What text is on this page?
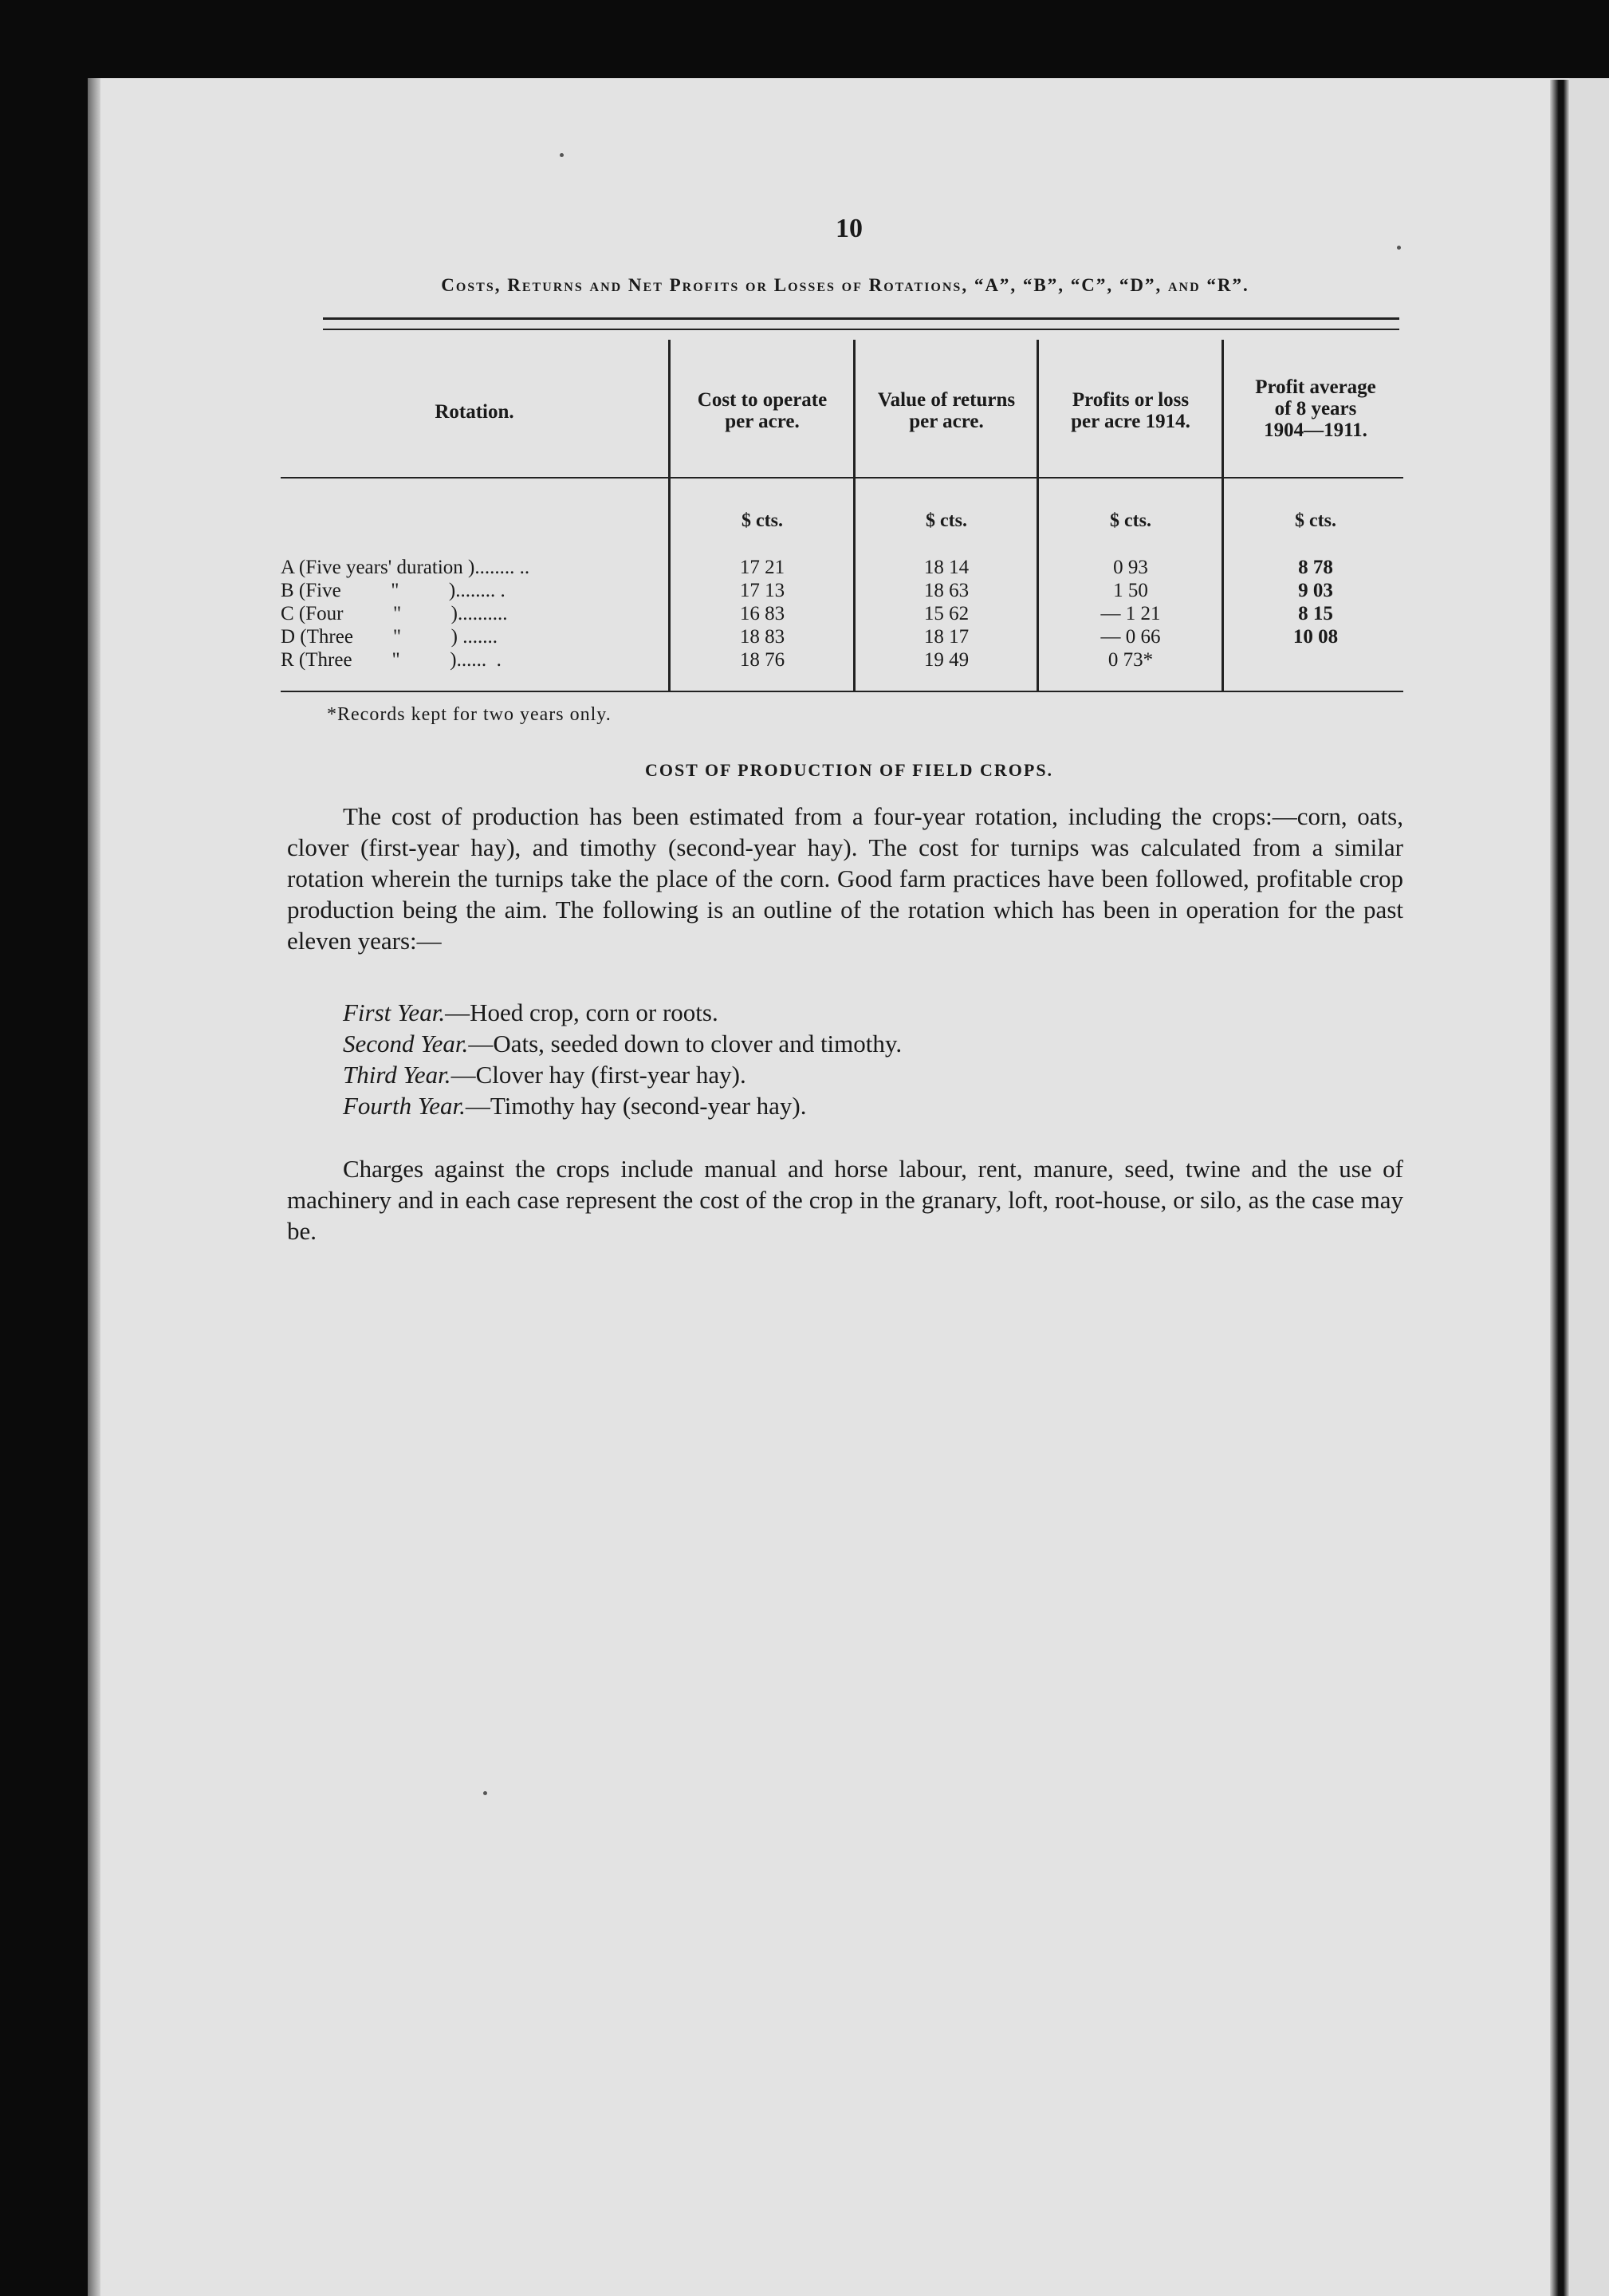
10
Costs, Returns and Net Profits or Losses of Rotations, “A”, “B”, “C”, “D”, and “R”.
Rotation.
Cost to operate
per acre.
Value of returns
per acre.
Profits or loss
per acre 1914.
Profit average
of 8 years
1904—1911.
$ cts.	$ cts.	$ cts.	$ cts.
A (Five years' duration )........ ..	17 21	18 14	0 93	8 78
B (Five          "          )........ .	17 13	18 63	1 50	9 03
C (Four          "          )..........	16 83	15 62	— 1 21	8 15
D (Three        "          ) .......	18 83	18 17	— 0 66	10 08
R (Three        "          )......  .	18 76	19 49	0 73*
*Records kept for two years only.
COST OF PRODUCTION OF FIELD CROPS.
The cost of production has been estimated from a four-year rotation, including the crops:—corn, oats, clover (first-year hay), and timothy (second-year hay). The cost for turnips was calculated from a similar rotation wherein the turnips take the place of the corn. Good farm practices have been followed, profitable crop production being the aim. The following is an outline of the rotation which has been in operation for the past eleven years:—
First Year.—Hoed crop, corn or roots.
Second Year.—Oats, seeded down to clover and timothy.
Third Year.—Clover hay (first-year hay).
Fourth Year.—Timothy hay (second-year hay).
Charges against the crops include manual and horse labour, rent, manure, seed, twine and the use of machinery and in each case represent the cost of the crop in the granary, loft, root-house, or silo, as the case may be.
